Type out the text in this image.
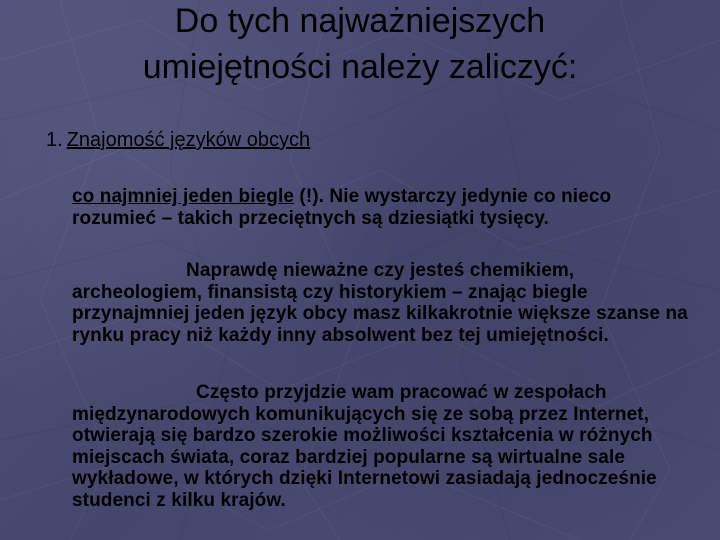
Do tych najważniejszych
umiejętności należy zaliczyć:
1. Znajomość języków obcych
co najmniej jeden biegle (!). Nie wystarczy jedynie co nieco rozumieć – takich przeciętnych są dziesiątki tysięcy.
Naprawdę nieważne czy jesteś chemikiem, archeologiem, finansistą czy historykiem – znając biegle przynajmniej jeden język obcy masz kilkakrotnie większe szanse na rynku pracy niż każdy inny absolwent bez tej umiejętności.
Często przyjdzie wam pracować w zespołach międzynarodowych komunikujących się ze sobą przez Internet, otwierają się bardzo szerokie możliwości kształcenia w różnych miejscach świata, coraz bardziej popularne są wirtualne sale wykładowe, w których dzięki Internetowi zasiadają jednocześnie studenci z kilku krajów.
